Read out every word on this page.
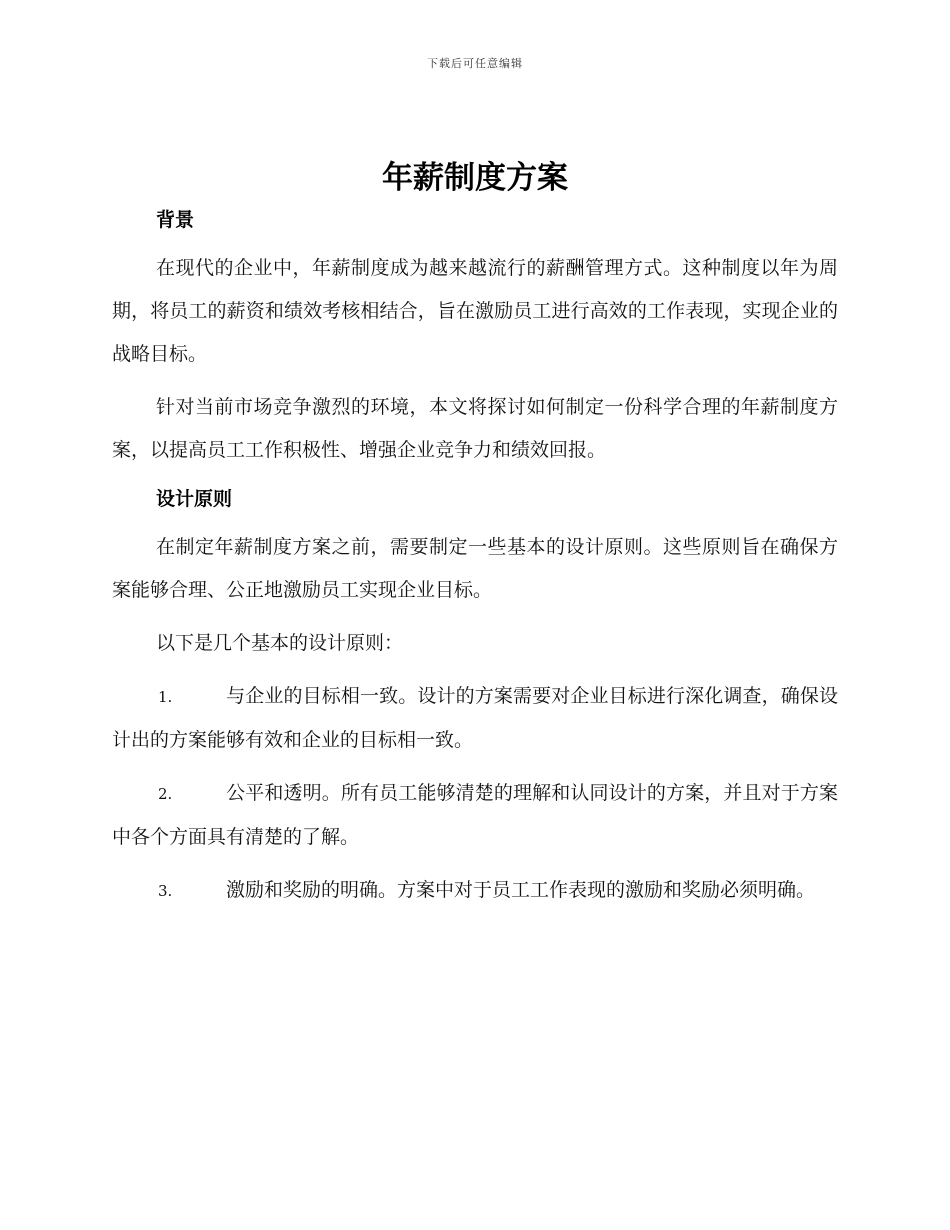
下载后可任意编辑
年薪制度方案
背景

在现代的企业中，年薪制度成为越来越流行的薪酬管理方式。这种制度以年为周期，将员工的薪资和绩效考核相结合，旨在激励员工进行高效的工作表现，实现企业的战略目标。

针对当前市场竞争激烈的环境，本文将探讨如何制定一份科学合理的年薪制度方案，以提高员工工作积极性、增强企业竞争力和绩效回报。

设计原则

在制定年薪制度方案之前，需要制定一些基本的设计原则。这些原则旨在确保方案能够合理、公正地激励员工实现企业目标。

以下是几个基本的设计原则：

1.	与企业的目标相一致。设计的方案需要对企业目标进行深化调查，确保设计出的方案能够有效和企业的目标相一致。

2.	公平和透明。所有员工能够清楚的理解和认同设计的方案，并且对于方案中各个方面具有清楚的了解。

3.	激励和奖励的明确。方案中对于员工工作表现的激励和奖励必须明确。
